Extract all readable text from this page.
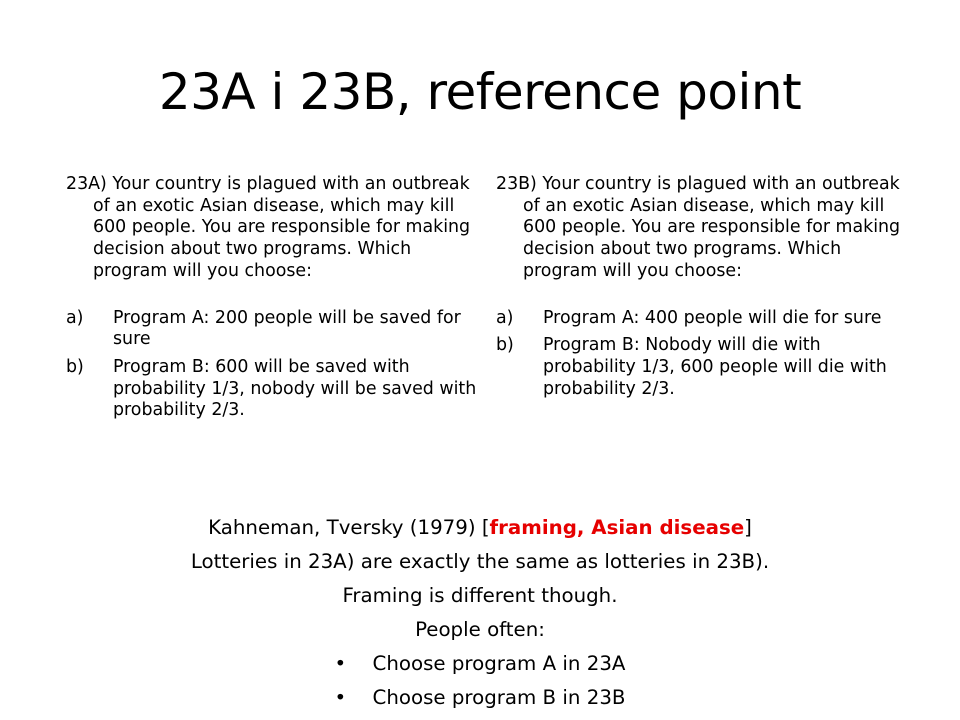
23A i 23B, reference point

23A) Your country is plagued with an outbreak of an exotic Asian disease, which may kill 600 people. You are responsible for making decision about two programs. Which program will you choose:

a) Program A: 200 people will be saved for sure
b) Program B: 600 will be saved with probability 1/3, nobody will be saved with probability 2/3.

23B) Your country is plagued with an outbreak of an exotic Asian disease, which may kill 600 people. You are responsible for making decision about two programs. Which program will you choose:

a) Program A: 400 people will die for sure
b) Program B: Nobody will die with probability 1/3, 600 people will die with probability 2/3.
Kahneman, Tversky (1979) [framing, Asian disease]
Lotteries in 23A) are exactly the same as lotteries in 23B).
Framing is different though.
People often:
• Choose program A in 23A
• Choose program B in 23B
